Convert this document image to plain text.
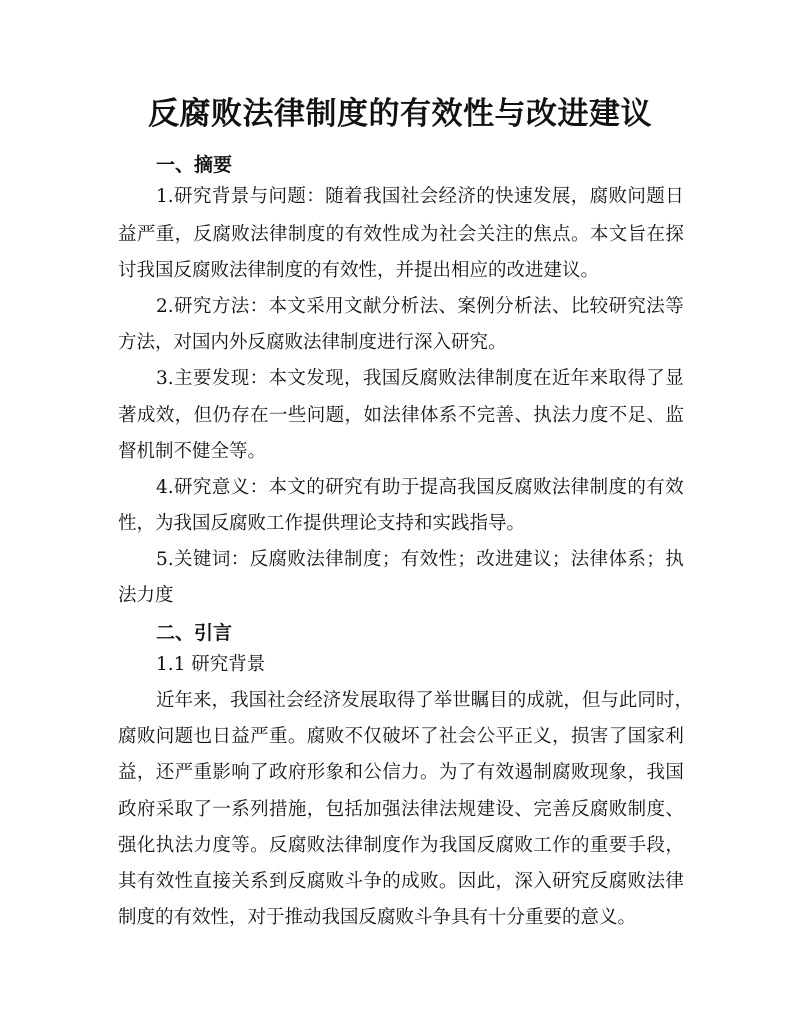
反腐败法律制度的有效性与改进建议
一、摘要
1. 研 究 背 景 与 问 题 ： 随 着 我 国 社 会 经 济 的 快 速 发 展 ， 腐 败 问 题 日
益 严 重 ， 反 腐 败 法 律 制 度 的 有 效 性 成 为 社 会 关 注 的 焦 点 。 本 文 旨 在 探
讨我国反腐败法律制度的有效性，并提出相应的改进建议。
2. 研 究 方 法 ： 本 文 采 用 文 献 分 析 法 、 案 例 分 析 法 、 比 较 研 究 法 等
方法，对国内外反腐败法律制度进行深入研究。
3. 主 要 发 现 ： 本 文 发 现 ， 我 国 反 腐 败 法 律 制 度 在 近 年 来 取 得 了 显
著 成 效 ， 但 仍 存 在 一 些 问 题 ， 如 法 律 体 系 不 完 善 、 执 法 力 度 不 足 、 监
督机制不健全等。
4. 研 究 意 义 ： 本 文 的 研 究 有 助 于 提 高 我 国 反 腐 败 法 律 制 度 的 有 效
性，为我国反腐败工作提供理论支持和实践指导。
5. 关 键 词 ： 反 腐 败 法 律 制 度 ； 有 效 性 ； 改 进 建 议 ； 法 律 体 系 ； 执
法力度
二、引言
1.1 研究背景
近 年 来 ， 我 国 社 会 经 济 发 展 取 得 了 举 世 瞩 目 的 成 就 ， 但 与 此 同 时 ，
腐 败 问 题 也 日 益 严 重 。 腐 败 不 仅 破 坏 了 社 会 公 平 正 义 ， 损 害 了 国 家 利
益 ， 还 严 重 影 响 了 政 府 形 象 和 公 信 力 。 为 了 有 效 遏 制 腐 败 现 象 ， 我 国
政 府 采 取 了 一 系 列 措 施 ， 包 括 加 强 法 律 法 规 建 设 、 完 善 反 腐 败 制 度 、
强 化 执 法 力 度 等 。 反 腐 败 法 律 制 度 作 为 我 国 反 腐 败 工 作 的 重 要 手 段 ，
其 有 效 性 直 接 关 系 到 反 腐 败 斗 争 的 成 败 。 因 此 ， 深 入 研 究 反 腐 败 法 律
制度的有效性，对于推动我国反腐败斗争具有十分重要的意义。
